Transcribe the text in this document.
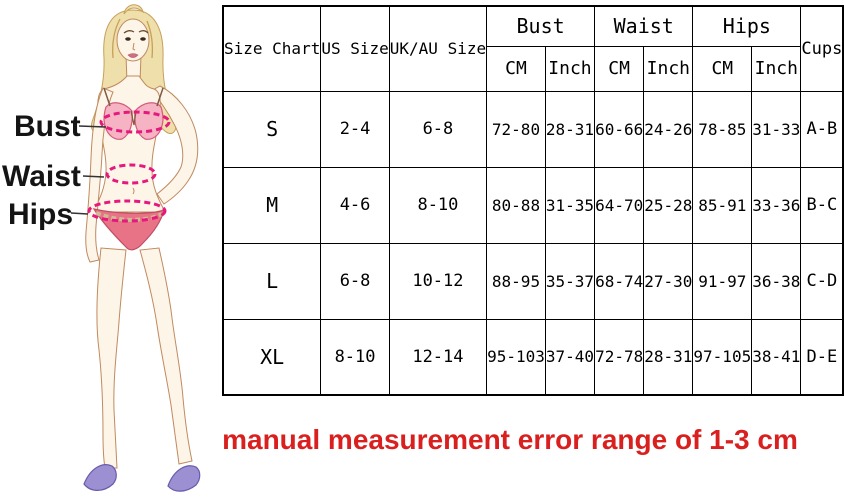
Bust
Waist
Hips
Size Chart	US Size	UK/AU Size	Bust		Waist		Hips		Cups
			CM	Inch	CM	Inch	CM	Inch	
S	2-4	6-8	72-80	28-31	60-66	24-26	78-85	31-33	A-B
M	4-6	8-10	80-88	31-35	64-70	25-28	85-91	33-36	B-C
L	6-8	10-12	88-95	35-37	68-74	27-30	91-97	36-38	C-D
XL	8-10	12-14	95-103	37-40	72-78	28-31	97-105	38-41	D-E
manual measurement error range of 1-3 cm
